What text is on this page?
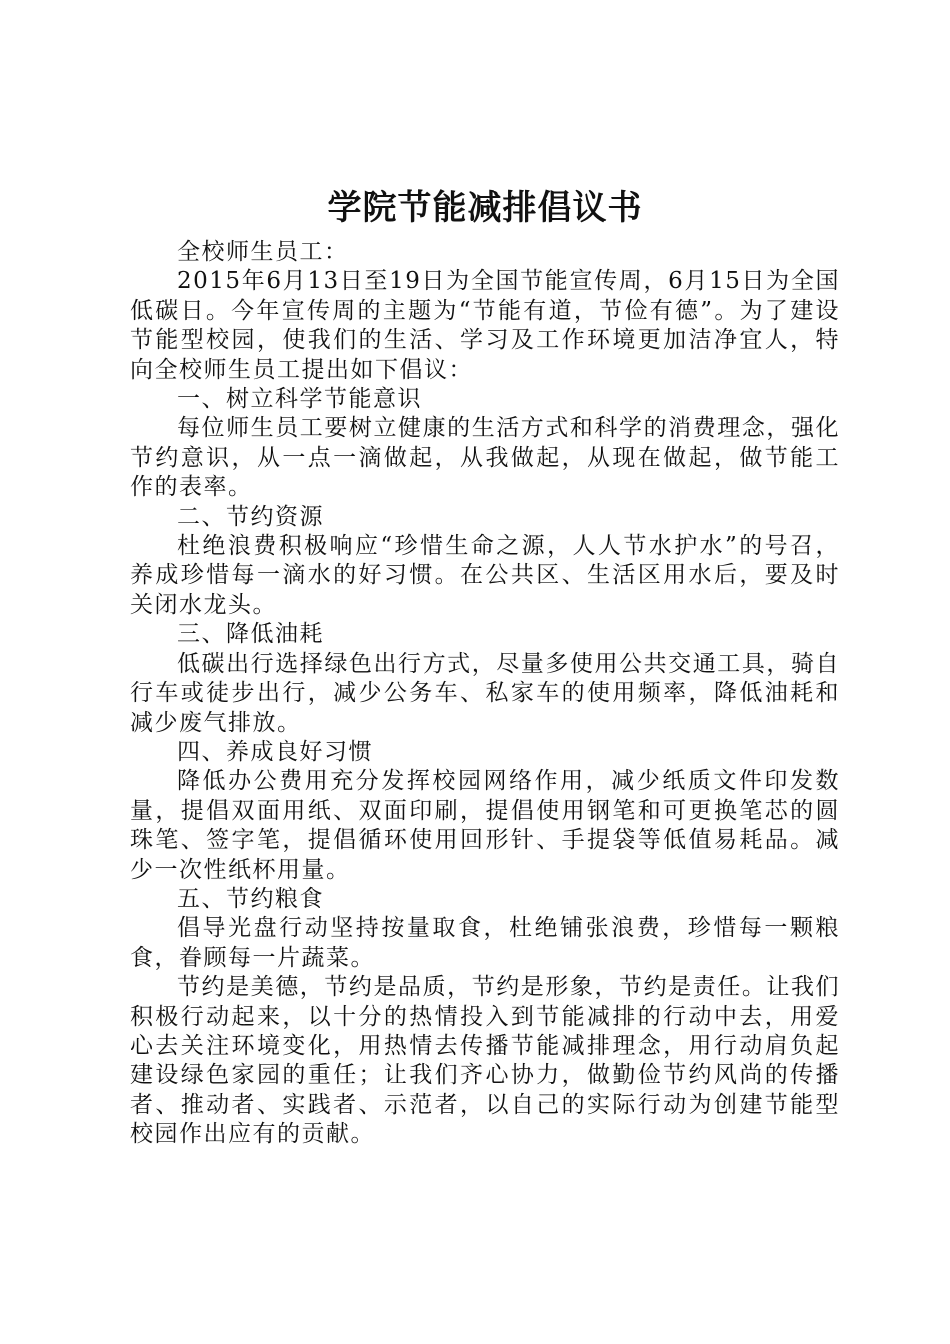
学院节能减排倡议书

全校师生员工：

2015年6月13日至19日为全国节能宣传周，6月15日为全国低碳日。今年宣传周的主题为“节能有道，节俭有德”。为了建设节能型校园，使我们的生活、学习及工作环境更加洁净宜人，特向全校师生员工提出如下倡议：

一、树立科学节能意识

每位师生员工要树立健康的生活方式和科学的消费理念，强化节约意识，从一点一滴做起，从我做起，从现在做起，做节能工作的表率。

二、节约资源

杜绝浪费积极响应“珍惜生命之源，人人节水护水”的号召，养成珍惜每一滴水的好习惯。在公共区、生活区用水后，要及时关闭水龙头。

三、降低油耗

低碳出行选择绿色出行方式，尽量多使用公共交通工具，骑自行车或徒步出行，减少公务车、私家车的使用频率，降低油耗和减少废气排放。

四、养成良好习惯

降低办公费用充分发挥校园网络作用，减少纸质文件印发数量，提倡双面用纸、双面印刷，提倡使用钢笔和可更换笔芯的圆珠笔、签字笔，提倡循环使用回形针、手提袋等低值易耗品。减少一次性纸杯用量。

五、节约粮食

倡导光盘行动坚持按量取食，杜绝铺张浪费，珍惜每一颗粮食，眷顾每一片蔬菜。

节约是美德，节约是品质，节约是形象，节约是责任。让我们积极行动起来，以十分的热情投入到节能减排的行动中去，用爱心去关注环境变化，用热情去传播节能减排理念，用行动肩负起建设绿色家园的重任；让我们齐心协力，做勤俭节约风尚的传播者、推动者、实践者、示范者，以自己的实际行动为创建节能型校园作出应有的贡献。
